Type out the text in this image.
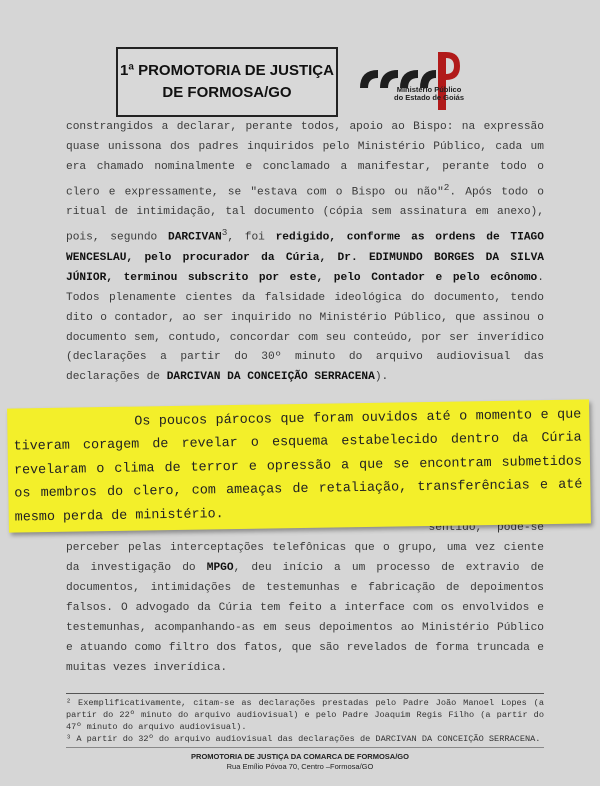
1ª PROMOTORIA DE JUSTIÇA
DE FORMOSA/GO	Ministério Público
do Estado de Goiás

constrangidos a declarar, perante todos, apoio ao Bispo: na expressão quase unissona dos padres inquiridos pelo Ministério Público, cada um era chamado nominalmente e conclamado a manifestar, perante todo o clero e expressamente, se "estava com o Bispo ou não"$^2$. Após todo o ritual de intimidação, tal documento (cópia sem assinatura em anexo), pois, segundo DARCIVAN$^3$, foi redigido, conforme as ordens de TIAGO WENCESLAU, pelo procurador da Cúria, Dr. EDIMUNDO BORGES DA SILVA JÚNIOR, terminou subscrito por este, pelo Contador e pelo ecônomo. Todos plenamente cientes da falsidade ideológica do documento, tendo dito o contador, ao ser inquirido no Ministério Público, que assinou o documento sem, contudo, concordar com seu conteúdo, por ser inverídico (declarações a partir do 30º minuto do arquivo audiovisual das declarações de DARCIVAN DA CONCEIÇÃO SERRACENA).

sentido, pode-se perceber pelas interceptações telefônicas que o grupo, uma vez ciente da investigação do MPGO, deu início a um processo de extravio de documentos, intimidações de testemunhas e fabricação de depoimentos falsos. O advogado da Cúria tem feito a interface com os envolvidos e testemunhas, acompanhando-as em seus depoimentos ao Ministério Público e atuando como filtro dos fatos, que são revelados de forma truncada e muitas vezes inverídica.

Os poucos párocos que foram ouvidos até o momento e que tiveram coragem de revelar o esquema estabelecido dentro da Cúria revelaram o clima de terror e opressão a que se encontram submetidos os membros do clero, com ameaças de retaliação, transferências e até mesmo perda de ministério.

² Exemplificativamente, citam-se as declarações prestadas pelo Padre João Manoel Lopes (a partir do 22º minuto do arquivo audiovisual) e pelo Padre Joaquim Regis Filho (a partir do 47º minuto do arquivo audiovisual).

³ A partir do 32º do arquivo audiovisual das declarações de DARCIVAN DA CONCEIÇÃO SERRACENA.

PROMOTORIA DE JUSTIÇA DA COMARCA DE FORMOSA/GO
Rua Emílio Póvoa 70, Centro –Formosa/GO
